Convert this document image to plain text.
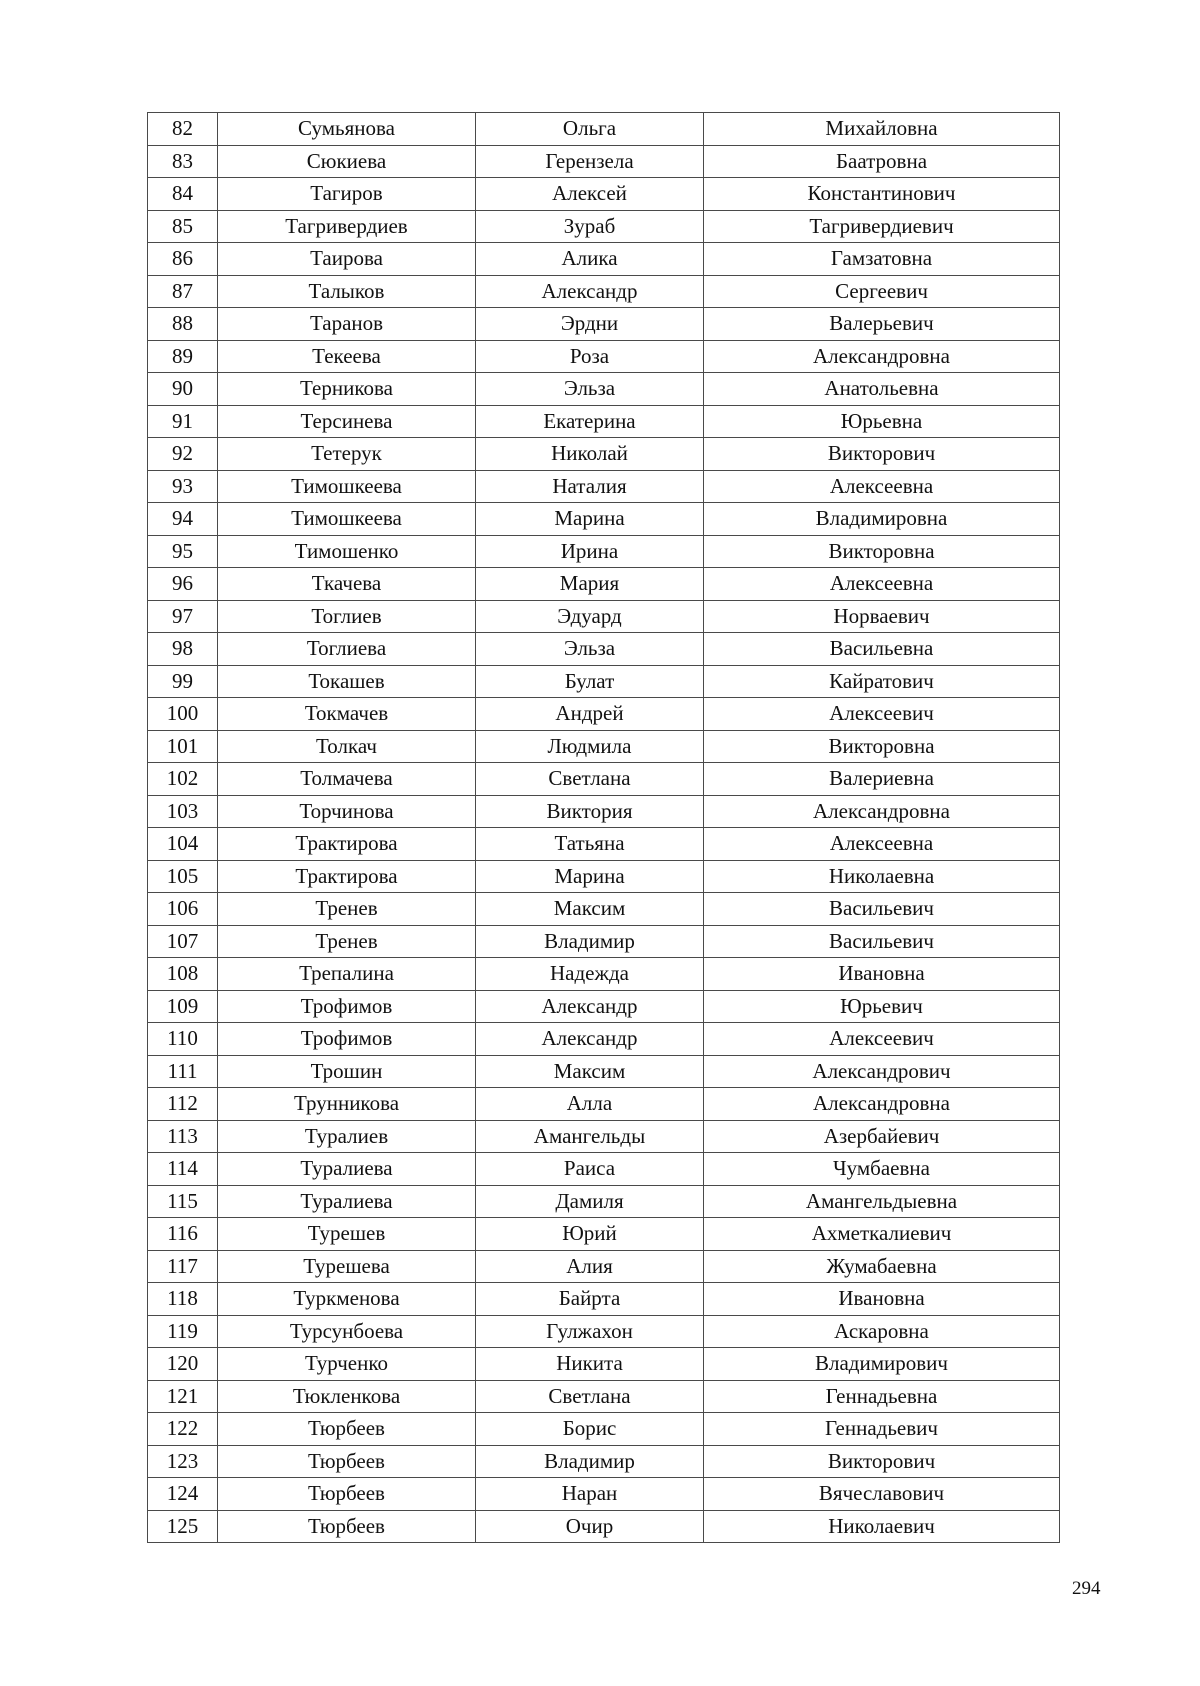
82	Сумьянова	Ольга	Михайловна
83	Сюкиева	Герензела	Баатровна
84	Тагиров	Алексей	Константинович
85	Тагривердиев	Зураб	Тагривердиевич
86	Таирова	Алика	Гамзатовна
87	Талыков	Александр	Сергеевич
88	Таранов	Эрдни	Валерьевич
89	Текеева	Роза	Александровна
90	Терникова	Эльза	Анатольевна
91	Терсинева	Екатерина	Юрьевна
92	Тетерук	Николай	Викторович
93	Тимошкеева	Наталия	Алексеевна
94	Тимошкеева	Марина	Владимировна
95	Тимошенко	Ирина	Викторовна
96	Ткачева	Мария	Алексеевна
97	Тоглиев	Эдуард	Норваевич
98	Тоглиева	Эльза	Васильевна
99	Токашев	Булат	Кайратович
100	Токмачев	Андрей	Алексеевич
101	Толкач	Людмила	Викторовна
102	Толмачева	Светлана	Валериевна
103	Торчинова	Виктория	Александровна
104	Трактирова	Татьяна	Алексеевна
105	Трактирова	Марина	Николаевна
106	Тренев	Максим	Васильевич
107	Тренев	Владимир	Васильевич
108	Трепалина	Надежда	Ивановна
109	Трофимов	Александр	Юрьевич
110	Трофимов	Александр	Алексеевич
111	Трошин	Максим	Александрович
112	Трунникова	Алла	Александровна
113	Туралиев	Амангельды	Азербайевич
114	Туралиева	Раиса	Чумбаевна
115	Туралиева	Дамиля	Амангельдыевна
116	Турешев	Юрий	Ахметкалиевич
117	Турешева	Алия	Жумабаевна
118	Туркменова	Байрта	Ивановна
119	Турсунбоева	Гулжахон	Аскаровна
120	Турченко	Никита	Владимирович
121	Тюкленкова	Светлана	Геннадьевна
122	Тюрбеев	Борис	Геннадьевич
123	Тюрбеев	Владимир	Викторович
124	Тюрбеев	Наран	Вячеславович
125	Тюрбеев	Очир	Николаевич
294
